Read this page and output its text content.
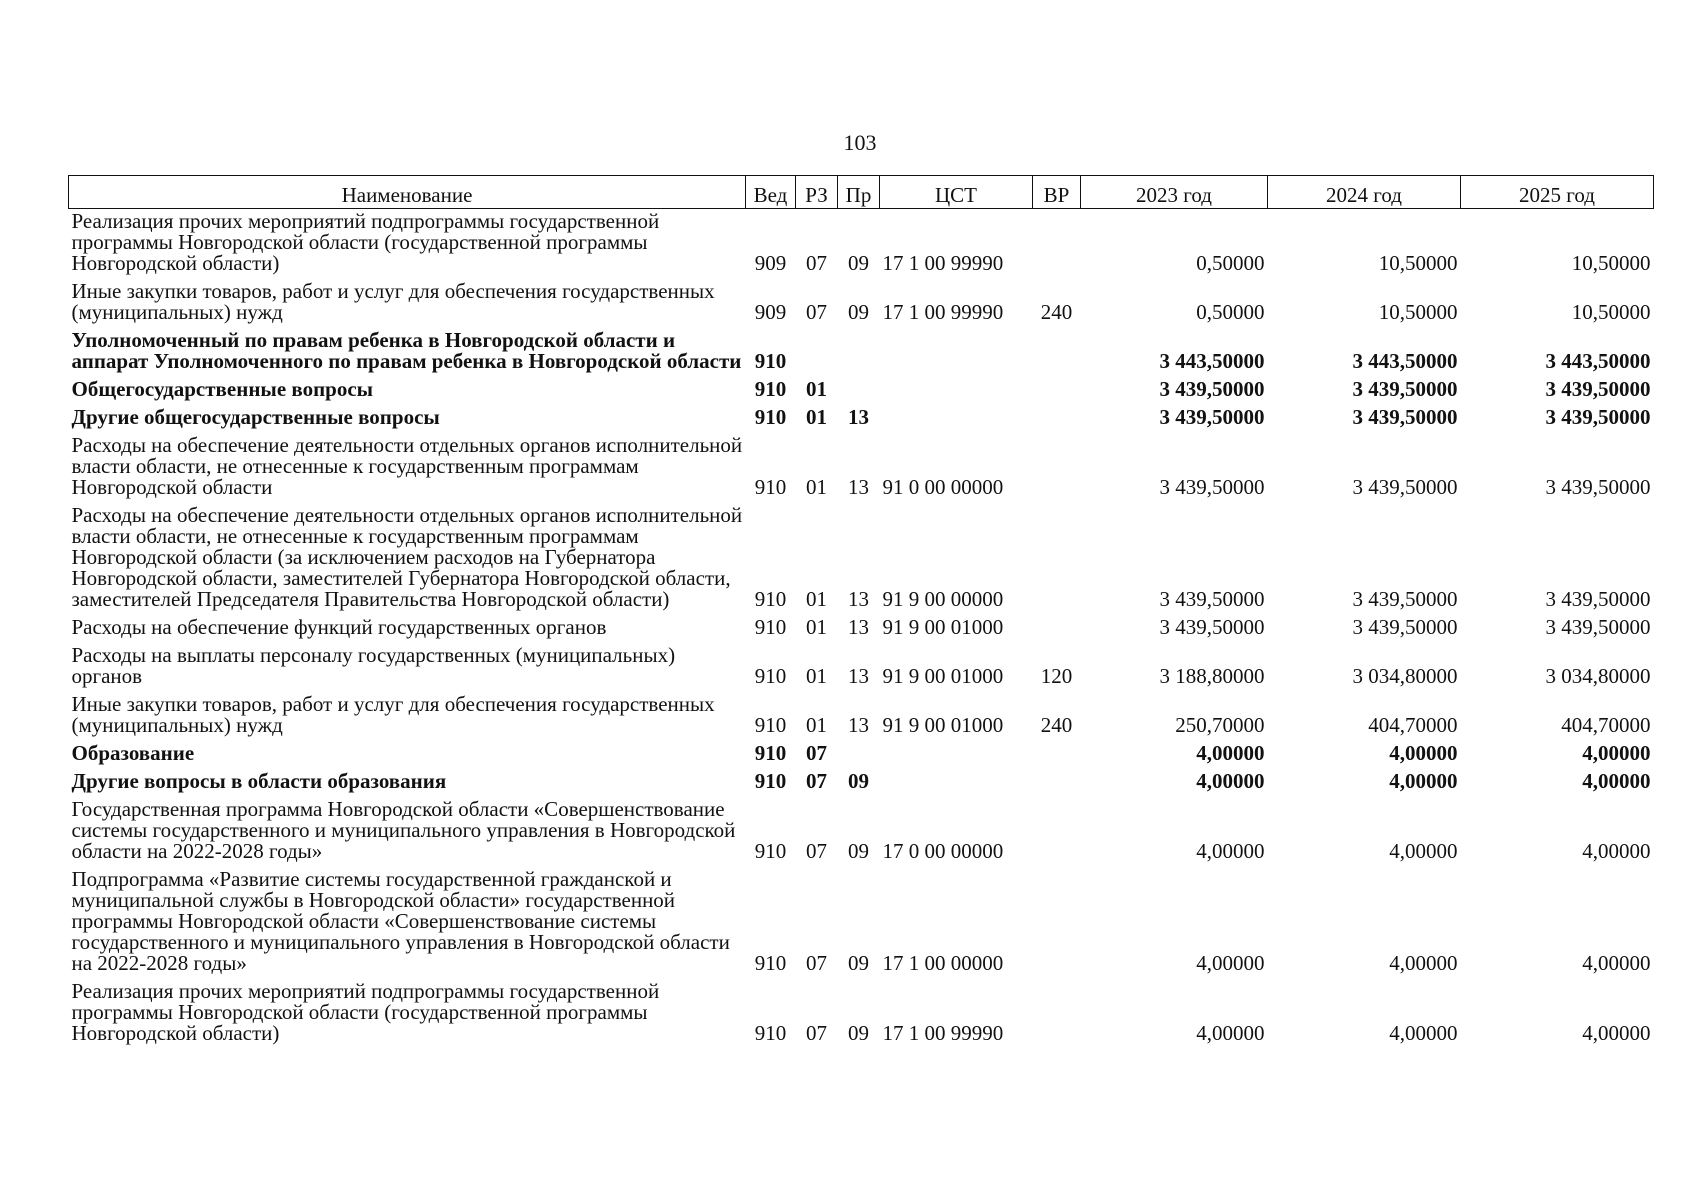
103
Наименование	Вед	РЗ	Пр	ЦСТ	ВР	2023 год	2024 год	2025 год
Реализация прочих мероприятий подпрограммы государственной программы Новгородской области (государственной программы Новгородской области)	909	07	09	17 1 00 99990		0,50000	10,50000	10,50000
Иные закупки товаров, работ и услуг для обеспечения государственных (муниципальных) нужд	909	07	09	17 1 00 99990	240	0,50000	10,50000	10,50000
Уполномоченный по правам ребенка в Новгородской области и аппарат Уполномоченного по правам ребенка в Новгородской области	910					3 443,50000	3 443,50000	3 443,50000
Общегосударственные вопросы	910	01				3 439,50000	3 439,50000	3 439,50000
Другие общегосударственные вопросы	910	01	13			3 439,50000	3 439,50000	3 439,50000
Расходы на обеспечение деятельности отдельных органов исполнительной власти области, не отнесенные к государственным программам Новгородской области	910	01	13	91 0 00 00000		3 439,50000	3 439,50000	3 439,50000
Расходы на обеспечение деятельности отдельных органов исполнительной власти области, не отнесенные к государственным программам Новгородской области (за исключением расходов на Губернатора Новгородской области, заместителей Губернатора Новгородской области, заместителей Председателя Правительства Новгородской области)	910	01	13	91 9 00 00000		3 439,50000	3 439,50000	3 439,50000
Расходы на обеспечение функций государственных органов	910	01	13	91 9 00 01000		3 439,50000	3 439,50000	3 439,50000
Расходы на выплаты персоналу государственных (муниципальных) органов	910	01	13	91 9 00 01000	120	3 188,80000	3 034,80000	3 034,80000
Иные закупки товаров, работ и услуг для обеспечения государственных (муниципальных) нужд	910	01	13	91 9 00 01000	240	250,70000	404,70000	404,70000
Образование	910	07				4,00000	4,00000	4,00000
Другие вопросы в области образования	910	07	09			4,00000	4,00000	4,00000
Государственная программа Новгородской области «Совершенствование системы государственного и муниципального управления в Новгородской области на 2022-2028 годы»	910	07	09	17 0 00 00000		4,00000	4,00000	4,00000
Подпрограмма «Развитие системы государственной гражданской и муниципальной службы в Новгородской области» государственной программы Новгородской области «Совершенствование системы государственного и муниципального управления в Новгородской области на 2022-2028 годы»	910	07	09	17 1 00 00000		4,00000	4,00000	4,00000
Реализация прочих мероприятий подпрограммы государственной программы Новгородской области (государственной программы Новгородской области)	910	07	09	17 1 00 99990		4,00000	4,00000	4,00000
